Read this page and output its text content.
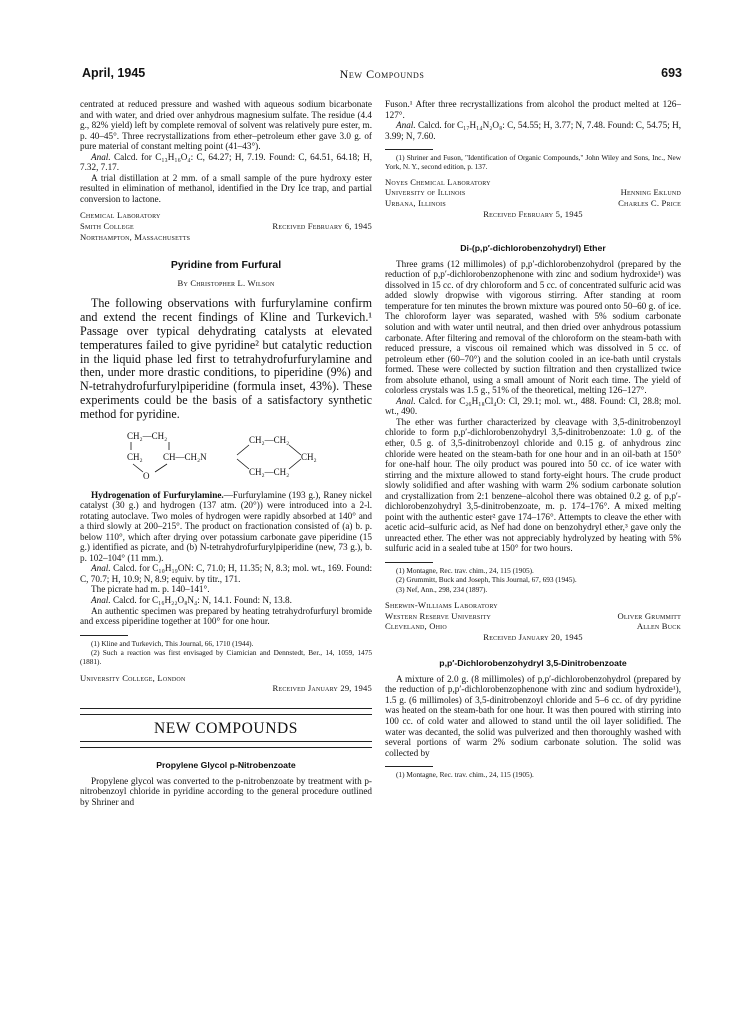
April, 1945	New Compounds	693

centrated at reduced pressure and washed with aqueous sodium bicarbonate and with water, and dried over anhydrous magnesium sulfate. The residue (4.4 g., 82% yield) left by complete removal of solvent was relatively pure ester, m. p. 40–45°. Three recrystallizations from ether–petroleum ether gave 3.0 g. of pure material of constant melting point (41–43°).

Anal. Calcd. for C₁₃H₁₆O₄: C, 64.27; H, 7.19. Found: C, 64.51, 64.18; H, 7.32, 7.17.

A trial distillation at 2 mm. of a small sample of the pure hydroxy ester resulted in elimination of methanol, identified in the Dry Ice trap, and partial conversion to lactone.

Chemical Laboratory
Smith College	Received February 6, 1945
Northampton, Massachusetts
Pyridine from Furfural
By Christopher L. Wilson

The following observations with furfurylamine confirm and extend the recent findings of Kline and Turkevich.¹ Passage over typical dehydrating catalysts at elevated temperatures failed to give pyridine² but catalytic reduction in the liquid phase led first to tetrahydrofurfurylamine and then, under more drastic conditions, to piperidine (9%) and N-tetrahydrofurfurylpiperidine (formula inset, 43%). These experiments could be the basis of a satisfactory synthetic method for pyridine.

CH₂—CH₂
CH₂ CH—CH₂N
O
CH₂—CH₂
CH₂—CH₂
CH₂

Hydrogenation of Furfurylamine.—Furfurylamine (193 g.), Raney nickel catalyst (30 g.) and hydrogen (137 atm. (20°)) were introduced into a 2-l. rotating autoclave. Two moles of hydrogen were rapidly absorbed at 140° and a third slowly at 200–215°. The product on fractionation consisted of (a) b. p. below 110°, which after drying over potassium carbonate gave piperidine (15 g.) identified as picrate, and (b) N-tetrahydrofurfurylpiperidine (new, 73 g.), b. p. 102–104° (11 mm.).

Anal. Calcd. for C₁₀H₁₉ON: C, 71.0; H, 11.35; N, 8.3; mol. wt., 169. Found: C, 70.7; H, 10.9; N, 8.9; equiv. by titr., 171.

The picrate had m. p. 140–141°.

Anal. Calcd. for C₁₆H₂₂O₈N₄: N, 14.1. Found: N, 13.8.

An authentic specimen was prepared by heating tetrahydrofurfuryl bromide and excess piperidine together at 100° for one hour.

(1) Kline and Turkevich, This Journal, 66, 1710 (1944).

(2) Such a reaction was first envisaged by Ciamician and Dennstedt, Ber., 14, 1059, 1475 (1881).

University College, London
Received January 29, 1945
NEW COMPOUNDS
Propylene Glycol p-Nitrobenzoate

Propylene glycol was converted to the p-nitrobenzoate by treatment with p-nitrobenzoyl chloride in pyridine according to the general procedure outlined by Shriner and

Fuson.¹ After three recrystallizations from alcohol the product melted at 126–127°.

Anal. Calcd. for C₁₇H₁₄N₂O₈: C, 54.55; H, 3.77; N, 7.48. Found: C, 54.75; H, 3.99; N, 7.60.

(1) Shriner and Fuson, "Identification of Organic Compounds," John Wiley and Sons, Inc., New York, N. Y., second edition, p. 137.

Noyes Chemical Laboratory
University of Illinois	Henning Eklund
Urbana, Illinois	Charles C. Price
Received February 5, 1945
Di-(p,p′-dichlorobenzohydryl) Ether

Three grams (12 millimoles) of p,p′-dichlorobenzohydrol (prepared by the reduction of p,p′-dichlorobenzophenone with zinc and sodium hydroxide¹) was dissolved in 15 cc. of dry chloroform and 5 cc. of concentrated sulfuric acid was added slowly dropwise with vigorous stirring. After standing at room temperature for ten minutes the brown mixture was poured onto 50–60 g. of ice. The chloroform layer was separated, washed with 5% sodium carbonate solution and with water until neutral, and then dried over anhydrous potassium carbonate. After filtering and removal of the chloroform on the steam-bath with reduced pressure, a viscous oil remained which was dissolved in 5 cc. of petroleum ether (60–70°) and the solution cooled in an ice-bath until crystals formed. These were collected by suction filtration and then crystallized twice from absolute ethanol, using a small amount of Norit each time. The yield of colorless crystals was 1.5 g., 51% of the theoretical, melting 126–127°.

Anal. Calcd. for C₂₆H₁₈Cl₄O: Cl, 29.1; mol. wt., 488. Found: Cl, 28.8; mol. wt., 490.

The ether was further characterized by cleavage with 3,5-dinitrobenzoyl chloride to form p,p′-dichlorobenzohydryl 3,5-dinitrobenzoate: 1.0 g. of the ether, 0.5 g. of 3,5-dinitrobenzoyl chloride and 0.15 g. of anhydrous zinc chloride were heated on the steam-bath for one hour and in an oil-bath at 150° for one-half hour. The oily product was poured into 50 cc. of ice water with stirring and the mixture allowed to stand forty-eight hours. The crude product slowly solidified and after washing with warm 2% sodium carbonate solution and crystallization from 2:1 benzene–alcohol there was obtained 0.2 g. of p,p′-dichlorobenzohydryl 3,5-dinitrobenzoate, m. p. 174–176°. A mixed melting point with the authentic ester² gave 174–176°. Attempts to cleave the ether with acetic acid–sulfuric acid, as Nef had done on benzohydryl ether,³ gave only the unreacted ether. The ether was not appreciably hydrolyzed by heating with 5% sulfuric acid in a sealed tube at 150° for two hours.

(1) Montagne, Rec. trav. chim., 24, 115 (1905).

(2) Grummitt, Buck and Joseph, This Journal, 67, 693 (1945).

(3) Nef, Ann., 298, 234 (1897).

Sherwin-Williams Laboratory
Western Reserve University	Oliver Grummitt
Cleveland, Ohio	Allen Buck
Received January 20, 1945
p,p′-Dichlorobenzohydryl 3,5-Dinitrobenzoate

A mixture of 2.0 g. (8 millimoles) of p,p′-dichlorobenzohydrol (prepared by the reduction of p,p′-dichlorobenzophenone with zinc and sodium hydroxide¹), 1.5 g. (6 millimoles) of 3,5-dinitrobenzoyl chloride and 5–6 cc. of dry pyridine was heated on the steam-bath for one hour. It was then poured with stirring into 100 cc. of cold water and allowed to stand until the oil layer solidified. The water was decanted, the solid was pulverized and then thoroughly washed with several portions of warm 2% sodium carbonate solution. The solid was collected by

(1) Montagne, Rec. trav. chim., 24, 115 (1905).
